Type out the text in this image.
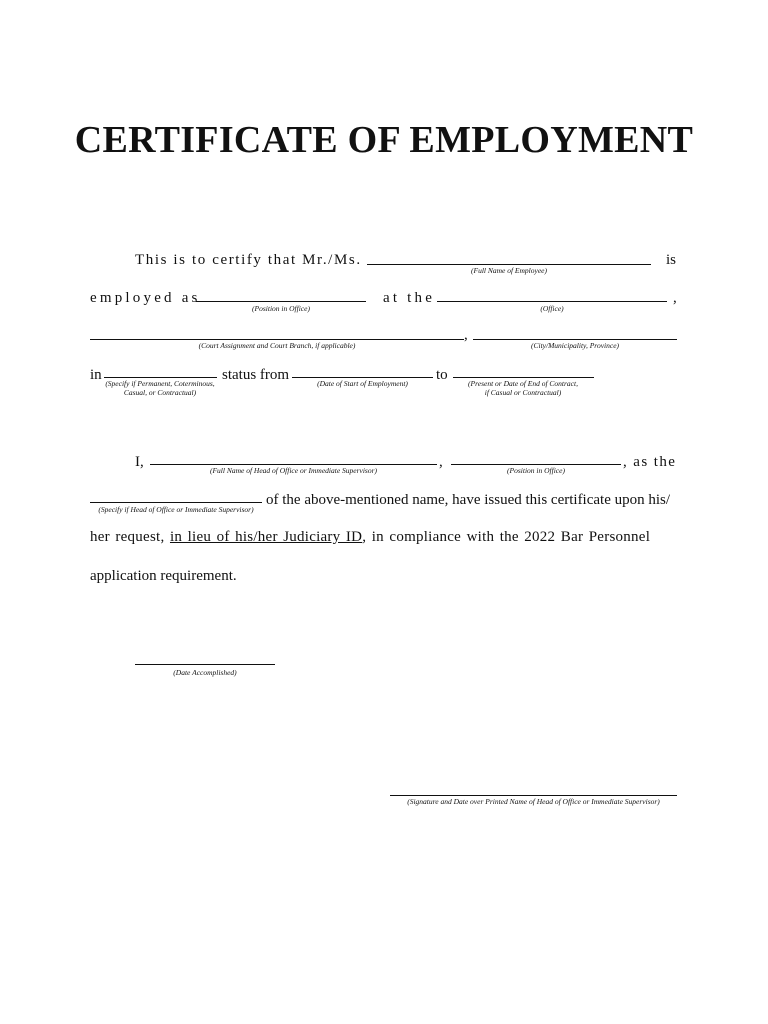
CERTIFICATE OF EMPLOYMENT
This is to certify that Mr./Ms.
(Full Name of Employee)
is
employed as
(Position in Office)
at the
(Office)
,
,
(Court Assignment and Court Branch, if applicable)	(City/Municipality, Province)
in
(Specify if Permanent, Coterminous,
Casual, or Contractual)
status from
(Date of Start of Employment)
to
(Present or Date of End of Contract,
if Casual or Contractual)
I,
(Full Name of Head of Office or Immediate Supervisor)
,
(Position in Office)
, as the
(Specify if Head of Office or Immediate Supervisor)
of the above-mentioned name, have issued this certificate upon his/
her request, in lieu of his/her Judiciary ID, in compliance with the 2022 Bar Personnel
application requirement.
(Date Accomplished)
(Signature and Date over Printed Name of Head of Office or Immediate Supervisor)
